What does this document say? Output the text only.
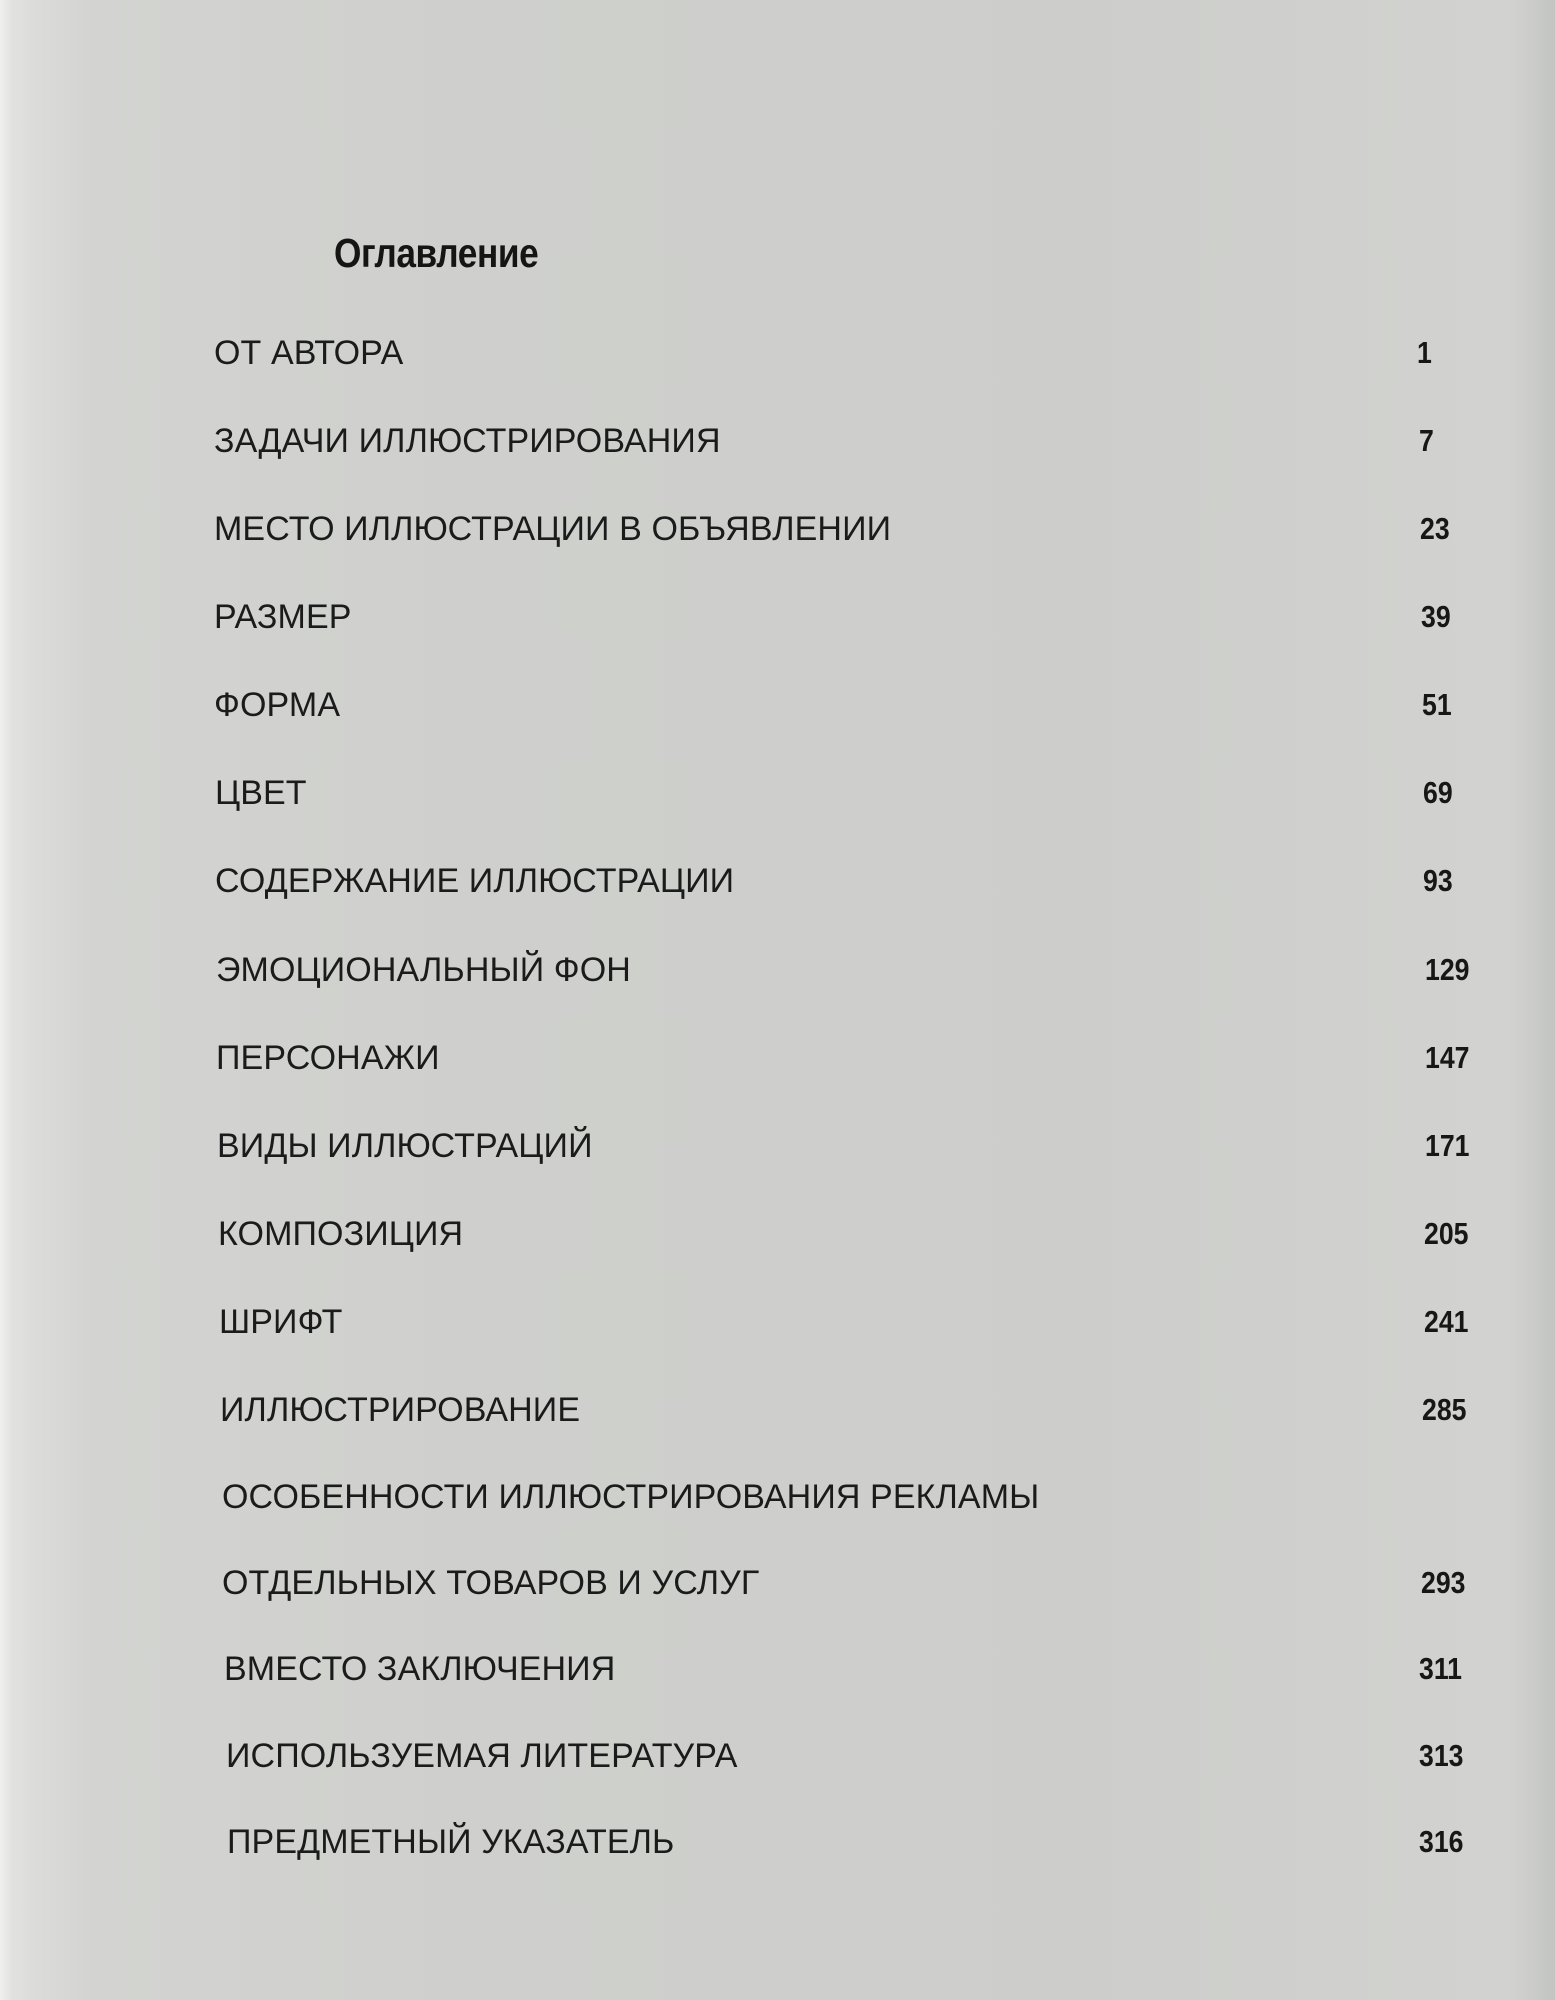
Оглавление
ОТ АВТОРА	1
ЗАДАЧИ ИЛЛЮСТРИРОВАНИЯ	7
МЕСТО ИЛЛЮСТРАЦИИ В ОБЪЯВЛЕНИИ	23
РАЗМЕР	39
ФОРМА	51
ЦВЕТ	69
СОДЕРЖАНИЕ ИЛЛЮСТРАЦИИ	93
ЭМОЦИОНАЛЬНЫЙ ФОН	129
ПЕРСОНАЖИ	147
ВИДЫ ИЛЛЮСТРАЦИЙ	171
КОМПОЗИЦИЯ	205
ШРИФТ	241
ИЛЛЮСТРИРОВАНИЕ	285
ОСОБЕННОСТИ ИЛЛЮСТРИРОВАНИЯ РЕКЛАМЫ
ОТДЕЛЬНЫХ ТОВАРОВ И УСЛУГ	293
ВМЕСТО ЗАКЛЮЧЕНИЯ	311
ИСПОЛЬЗУЕМАЯ ЛИТЕРАТУРА	313
ПРЕДМЕТНЫЙ УКАЗАТЕЛЬ	316
